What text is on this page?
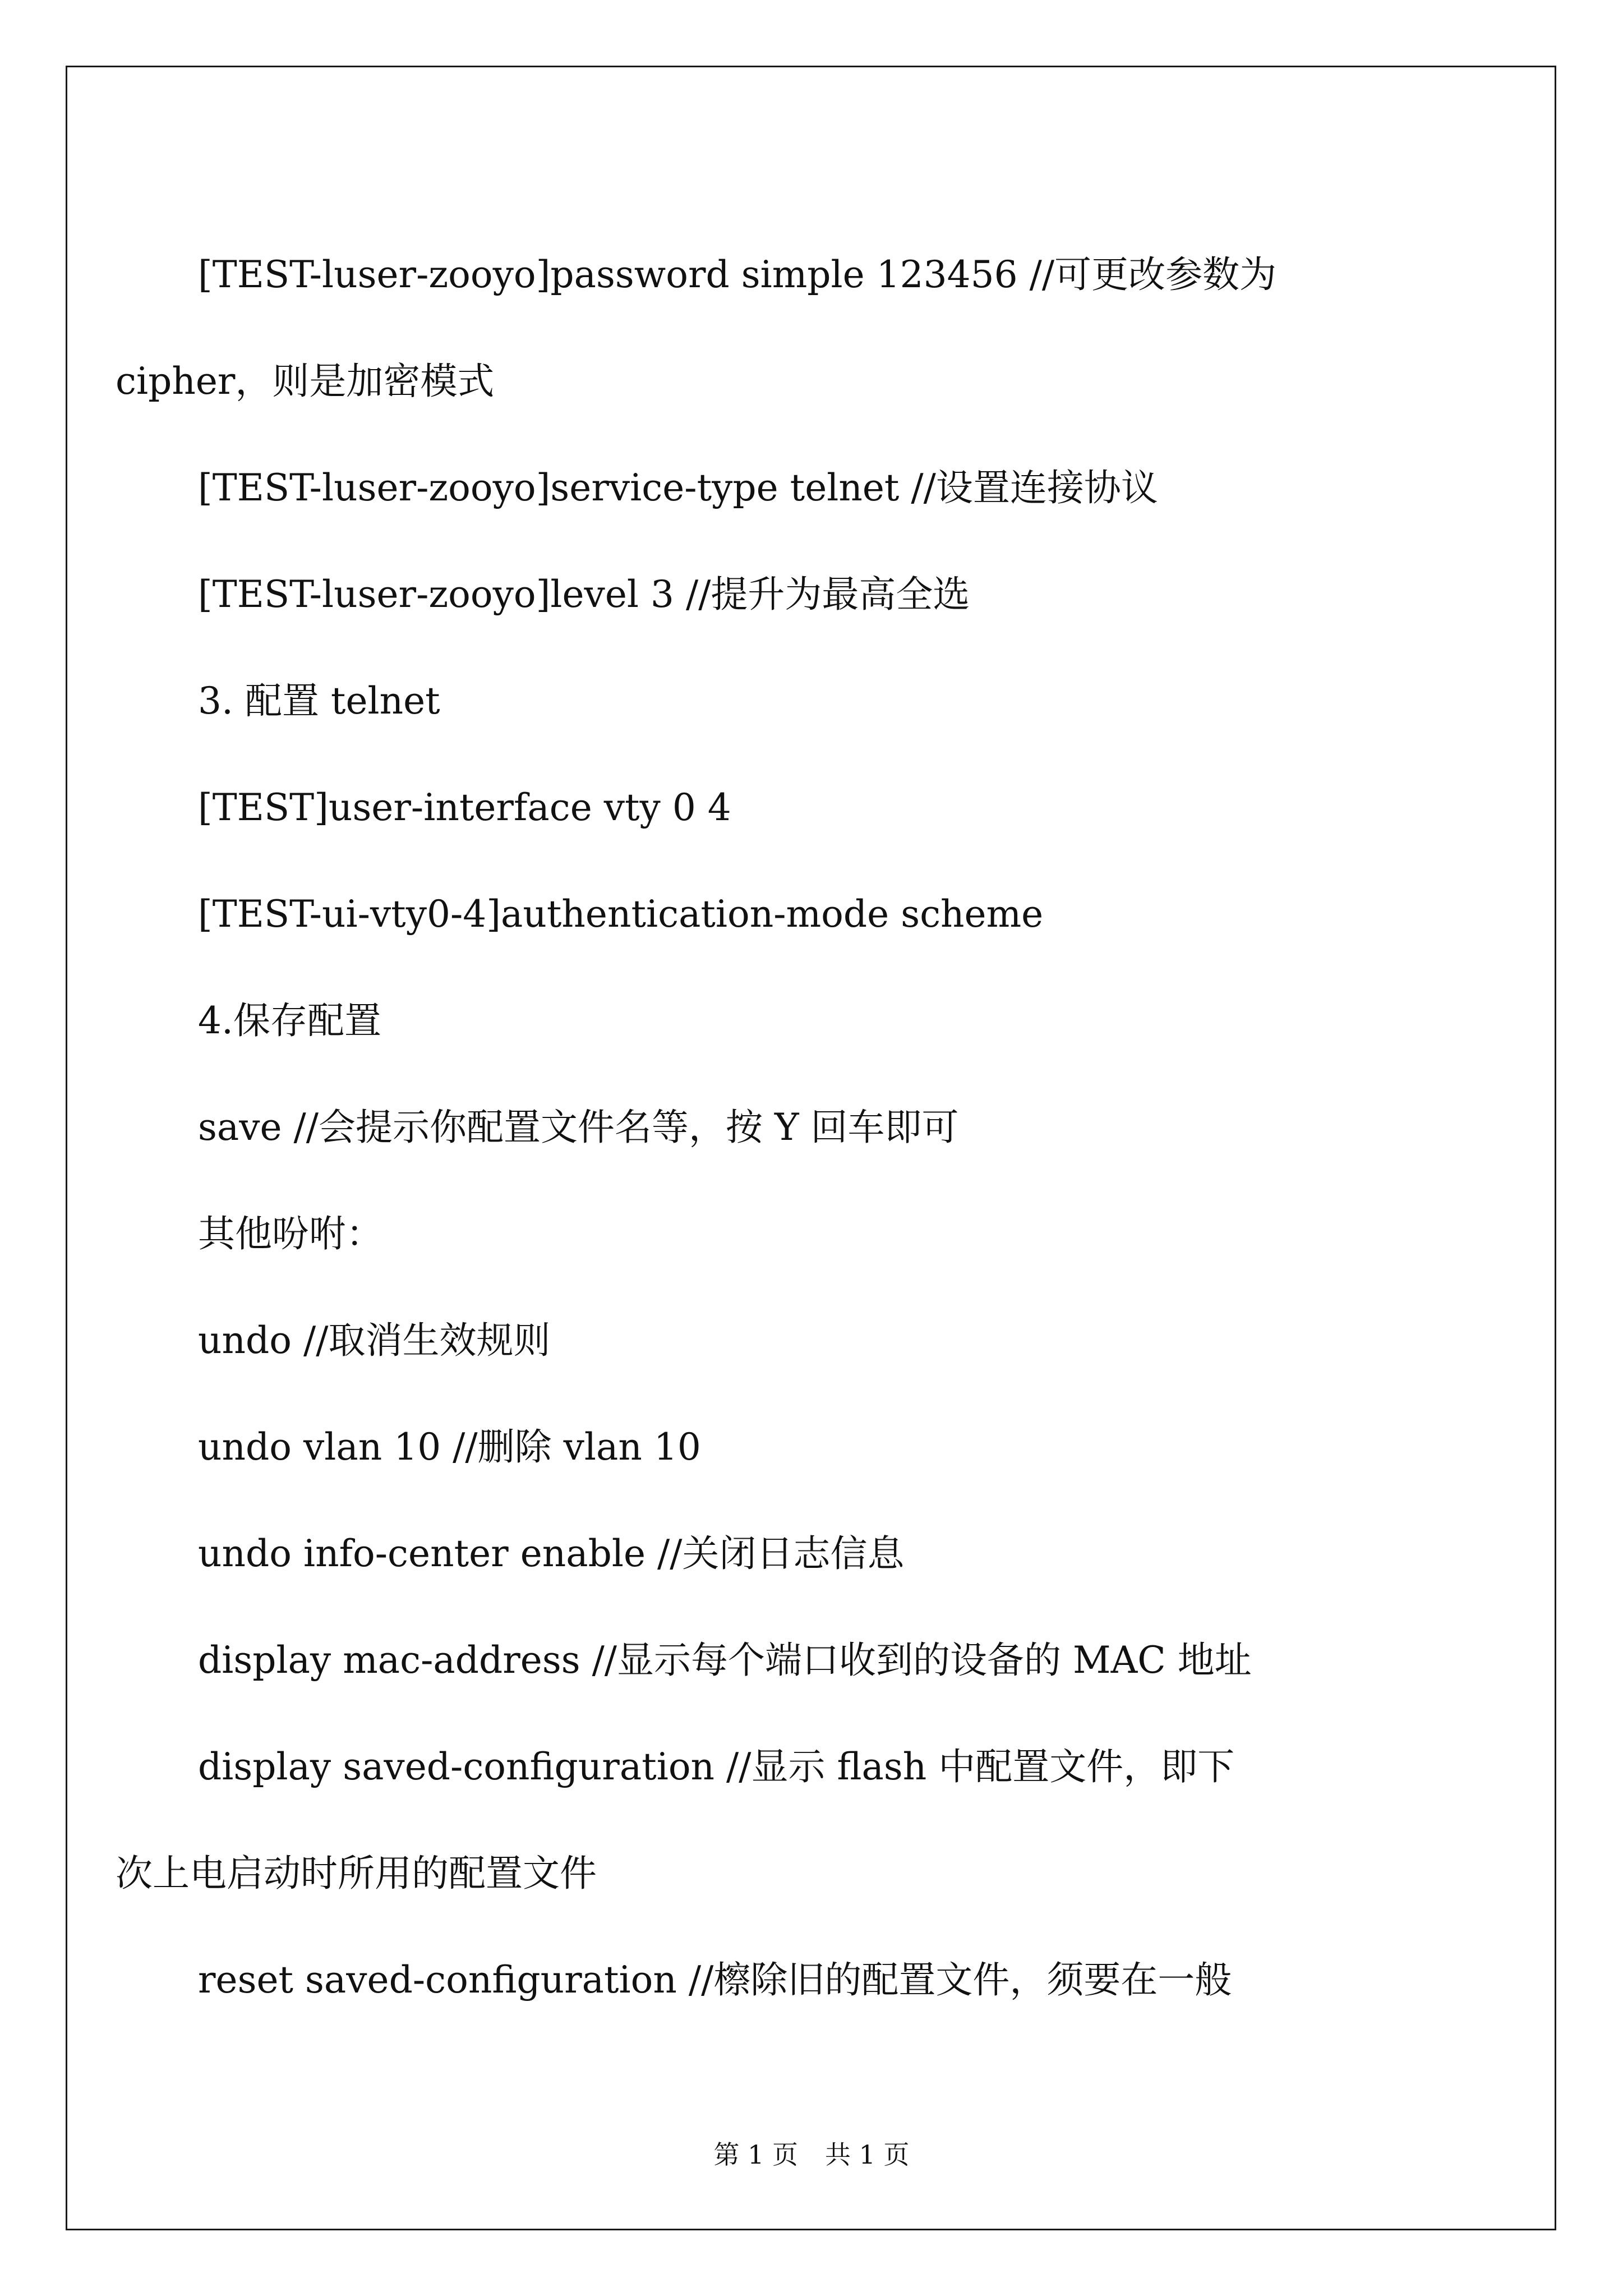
[TEST-luser-zooyo]password simple 123456 //可更改参数为
cipher，则是加密模式
[TEST-luser-zooyo]service-type telnet //设置连接协议
[TEST-luser-zooyo]level 3 //提升为最高全选
3. 配置 telnet
[TEST]user-interface vty 0 4
[TEST-ui-vty0-4]authentication-mode scheme
4.保存配置
save //会提示你配置文件名等，按 Y 回车即可
其他吩咐：
undo //取消生效规则
undo vlan 10 //删除 vlan 10
undo info-center enable //关闭日志信息
display mac-address //显示每个端口收到的设备的 MAC 地址
display saved-configuration //显示 flash 中配置文件，即下
次上电启动时所用的配置文件
reset saved-configuration //檫除旧的配置文件，须要在一般
第 1 页 共 1 页
